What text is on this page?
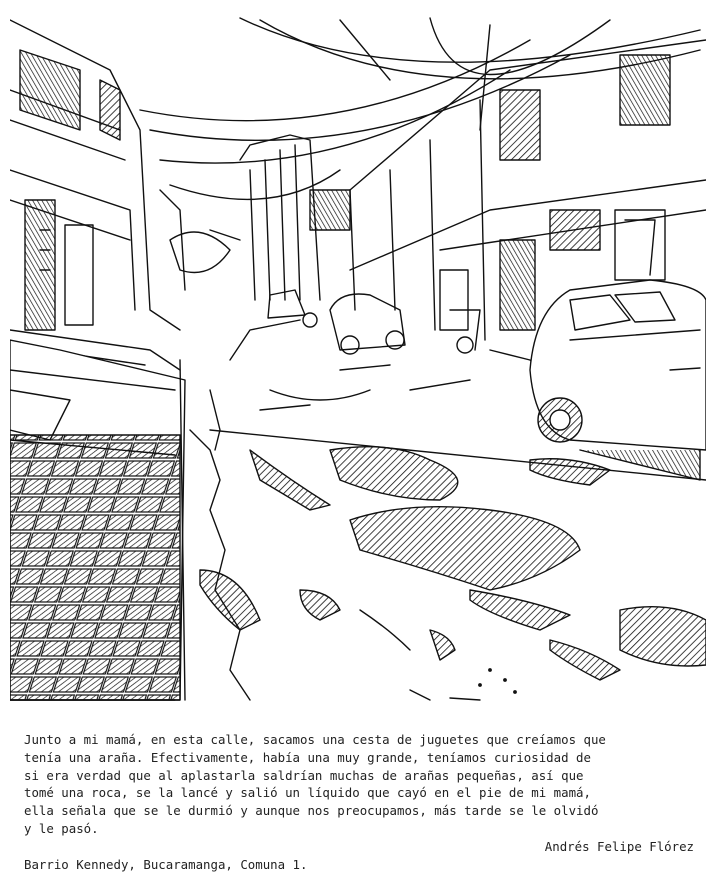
Junto a mi mamá, en esta calle, sacamos una cesta de juguetes que creíamos que
tenía una araña. Efectivamente, había una muy grande, teníamos curiosidad de
si era verdad que al aplastarla saldrían muchas de arañas pequeñas, así que
tomé una roca, se la lancé y salió un líquido que cayó en el pie de mi mamá,
ella señala que se le durmió y aunque nos preocupamos, más tarde se le olvidó
y le pasó.
Andrés Felipe Flórez
Barrio Kennedy, Bucaramanga, Comuna 1.
